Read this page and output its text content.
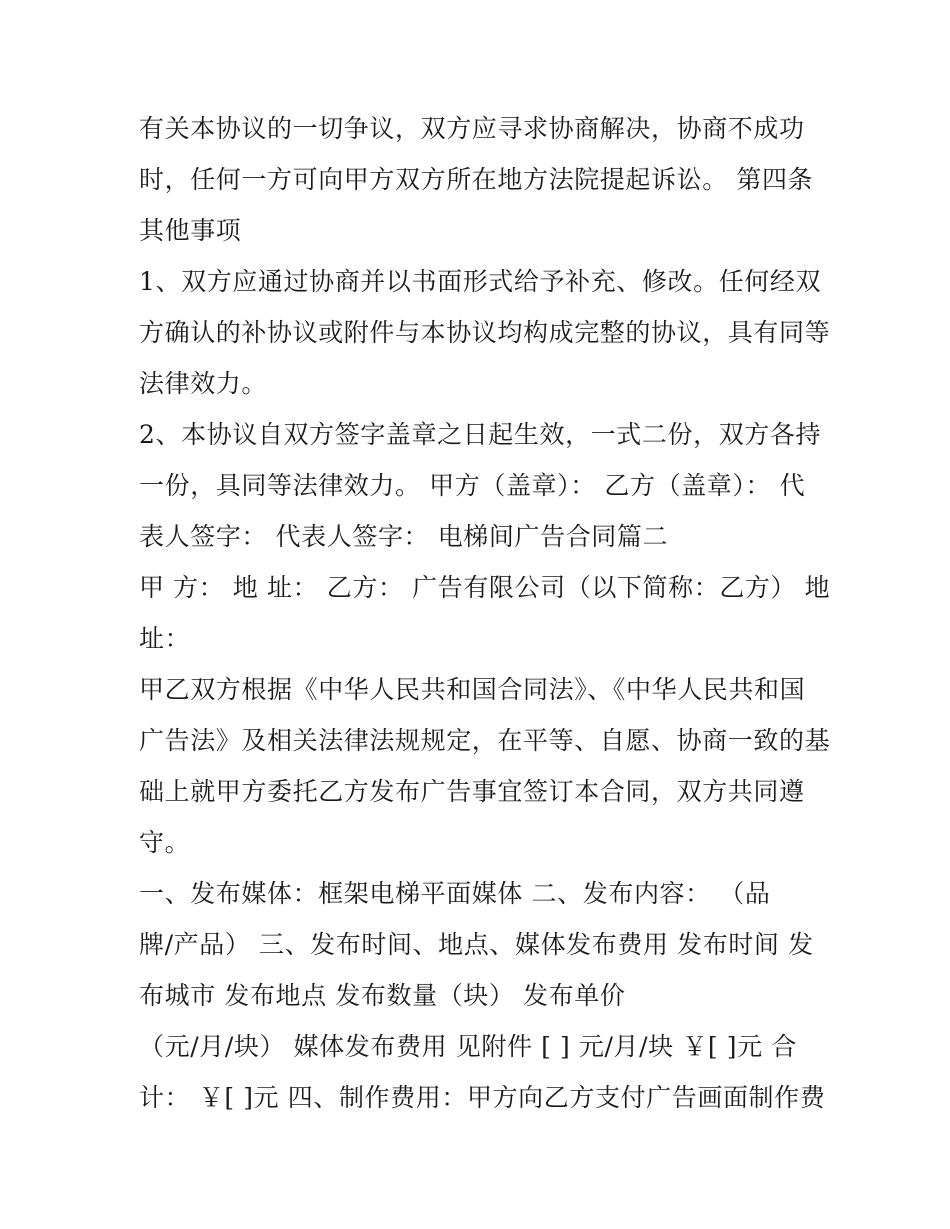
有关本协议的一切争议，双方应寻求协商解决，协商不成功
时，任何一方可向甲方双方所在地方法院提起诉讼。 第四条
其他事项
1、双方应通过协商并以书面形式给予补充、修改。任何经双
方确认的补协议或附件与本协议均构成完整的协议，具有同等
法律效力。
2、本协议自双方签字盖章之日起生效，一式二份，双方各持
一份，具同等法律效力。 甲方（盖章）： 乙方（盖章）： 代
表人签字： 代表人签字： 电梯间广告合同篇二
甲 方： 地 址： 乙方： 广告有限公司（以下简称：乙方） 地
址：
甲乙双方根据《中华人民共和国合同法》、《中华人民共和国
广告法》及相关法律法规规定，在平等、自愿、协商一致的基
础上就甲方委托乙方发布广告事宜签订本合同，双方共同遵
守。
一、发布媒体：框架电梯平面媒体 二、发布内容： （品
牌/产品） 三、发布时间、地点、媒体发布费用 发布时间 发
布城市 发布地点 发布数量（块） 发布单价
（元/月/块） 媒体发布费用 见附件 [ ] 元/月/块 ￥[ ]元 合
计： ￥[ ]元 四、制作费用：甲方向乙方支付广告画面制作费
